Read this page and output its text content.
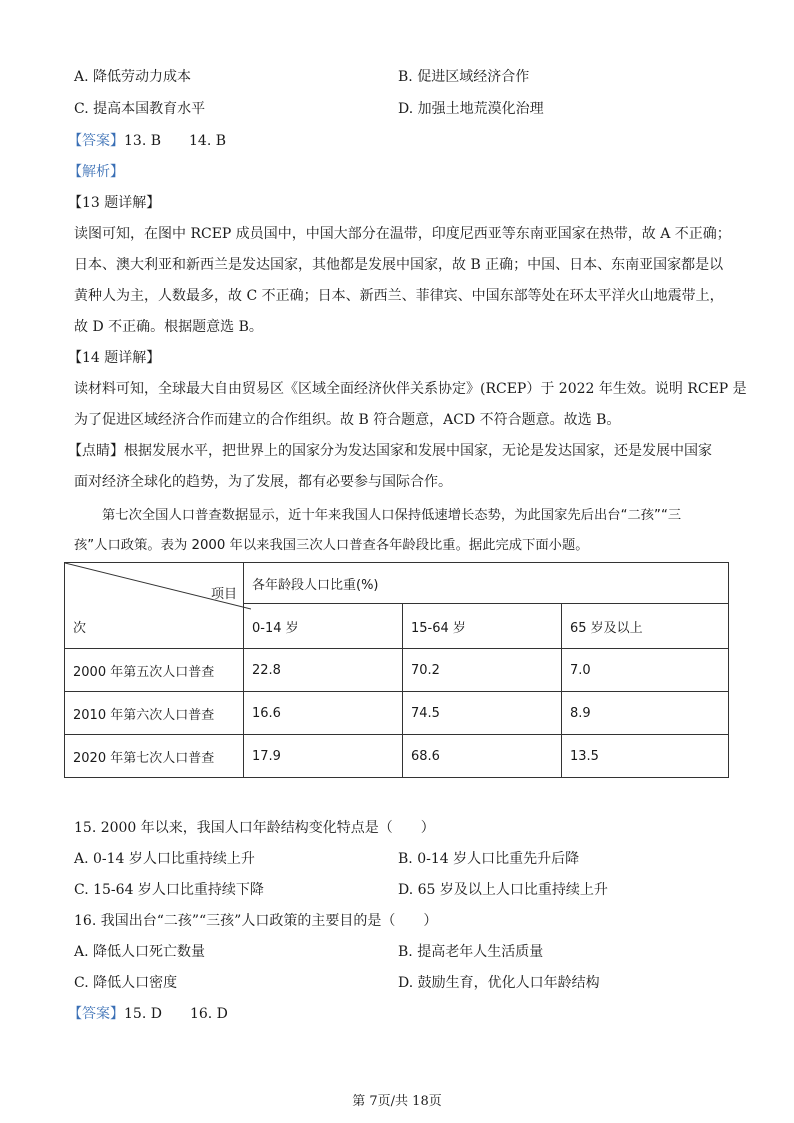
A. 降低劳动力成本	B. 促进区域经济合作
C. 提高本国教育水平	D. 加强土地荒漠化治理
【答案】13. B　　14. B
【解析】
【13 题详解】
读图可知，在图中 RCEP 成员国中，中国大部分在温带，印度尼西亚等东南亚国家在热带，故 A 不正确；
日本、澳大利亚和新西兰是发达国家，其他都是发展中国家，故 B 正确；中国、日本、东南亚国家都是以
黄种人为主，人数最多，故 C 不正确；日本、新西兰、菲律宾、中国东部等处在环太平洋火山地震带上，
故 D 不正确。根据题意选 B。
【14 题详解】
读材料可知，全球最大自由贸易区《区域全面经济伙伴关系协定》(RCEP）于 2022 年生效。说明 RCEP 是
为了促进区域经济合作而建立的合作组织。故 B 符合题意，ACD 不符合题意。故选 B。
【点睛】根据发展水平，把世界上的国家分为发达国家和发展中国家，无论是发达国家，还是发展中国家
面对经济全球化的趋势，为了发展，都有必要参与国际合作。
第七次全国人口普查数据显示，近十年来我国人口保持低速增长态势，为此国家先后出台“二孩”“三
孩”人口政策。表为 2000 年以来我国三次人口普查各年龄段比重。据此完成下面小题。
项目
次	各年龄段人口比重(%)		
	0-14 岁	15-64 岁	65 岁及以上
2000 年第五次人口普查	22.8	70.2	7.0
2010 年第六次人口普查	16.6	74.5	8.9
2020 年第七次人口普查	17.9	68.6	13.5
15. 2000 年以来，我国人口年龄结构变化特点是（　　）
A. 0-14 岁人口比重持续上升	B. 0-14 岁人口比重先升后降
C. 15-64 岁人口比重持续下降	D. 65 岁及以上人口比重持续上升
16. 我国出台“二孩”“三孩”人口政策的主要目的是（　　）
A. 降低人口死亡数量	B. 提高老年人生活质量
C. 降低人口密度	D. 鼓励生育，优化人口年龄结构
【答案】15. D　　16. D
第 7页/共 18页
